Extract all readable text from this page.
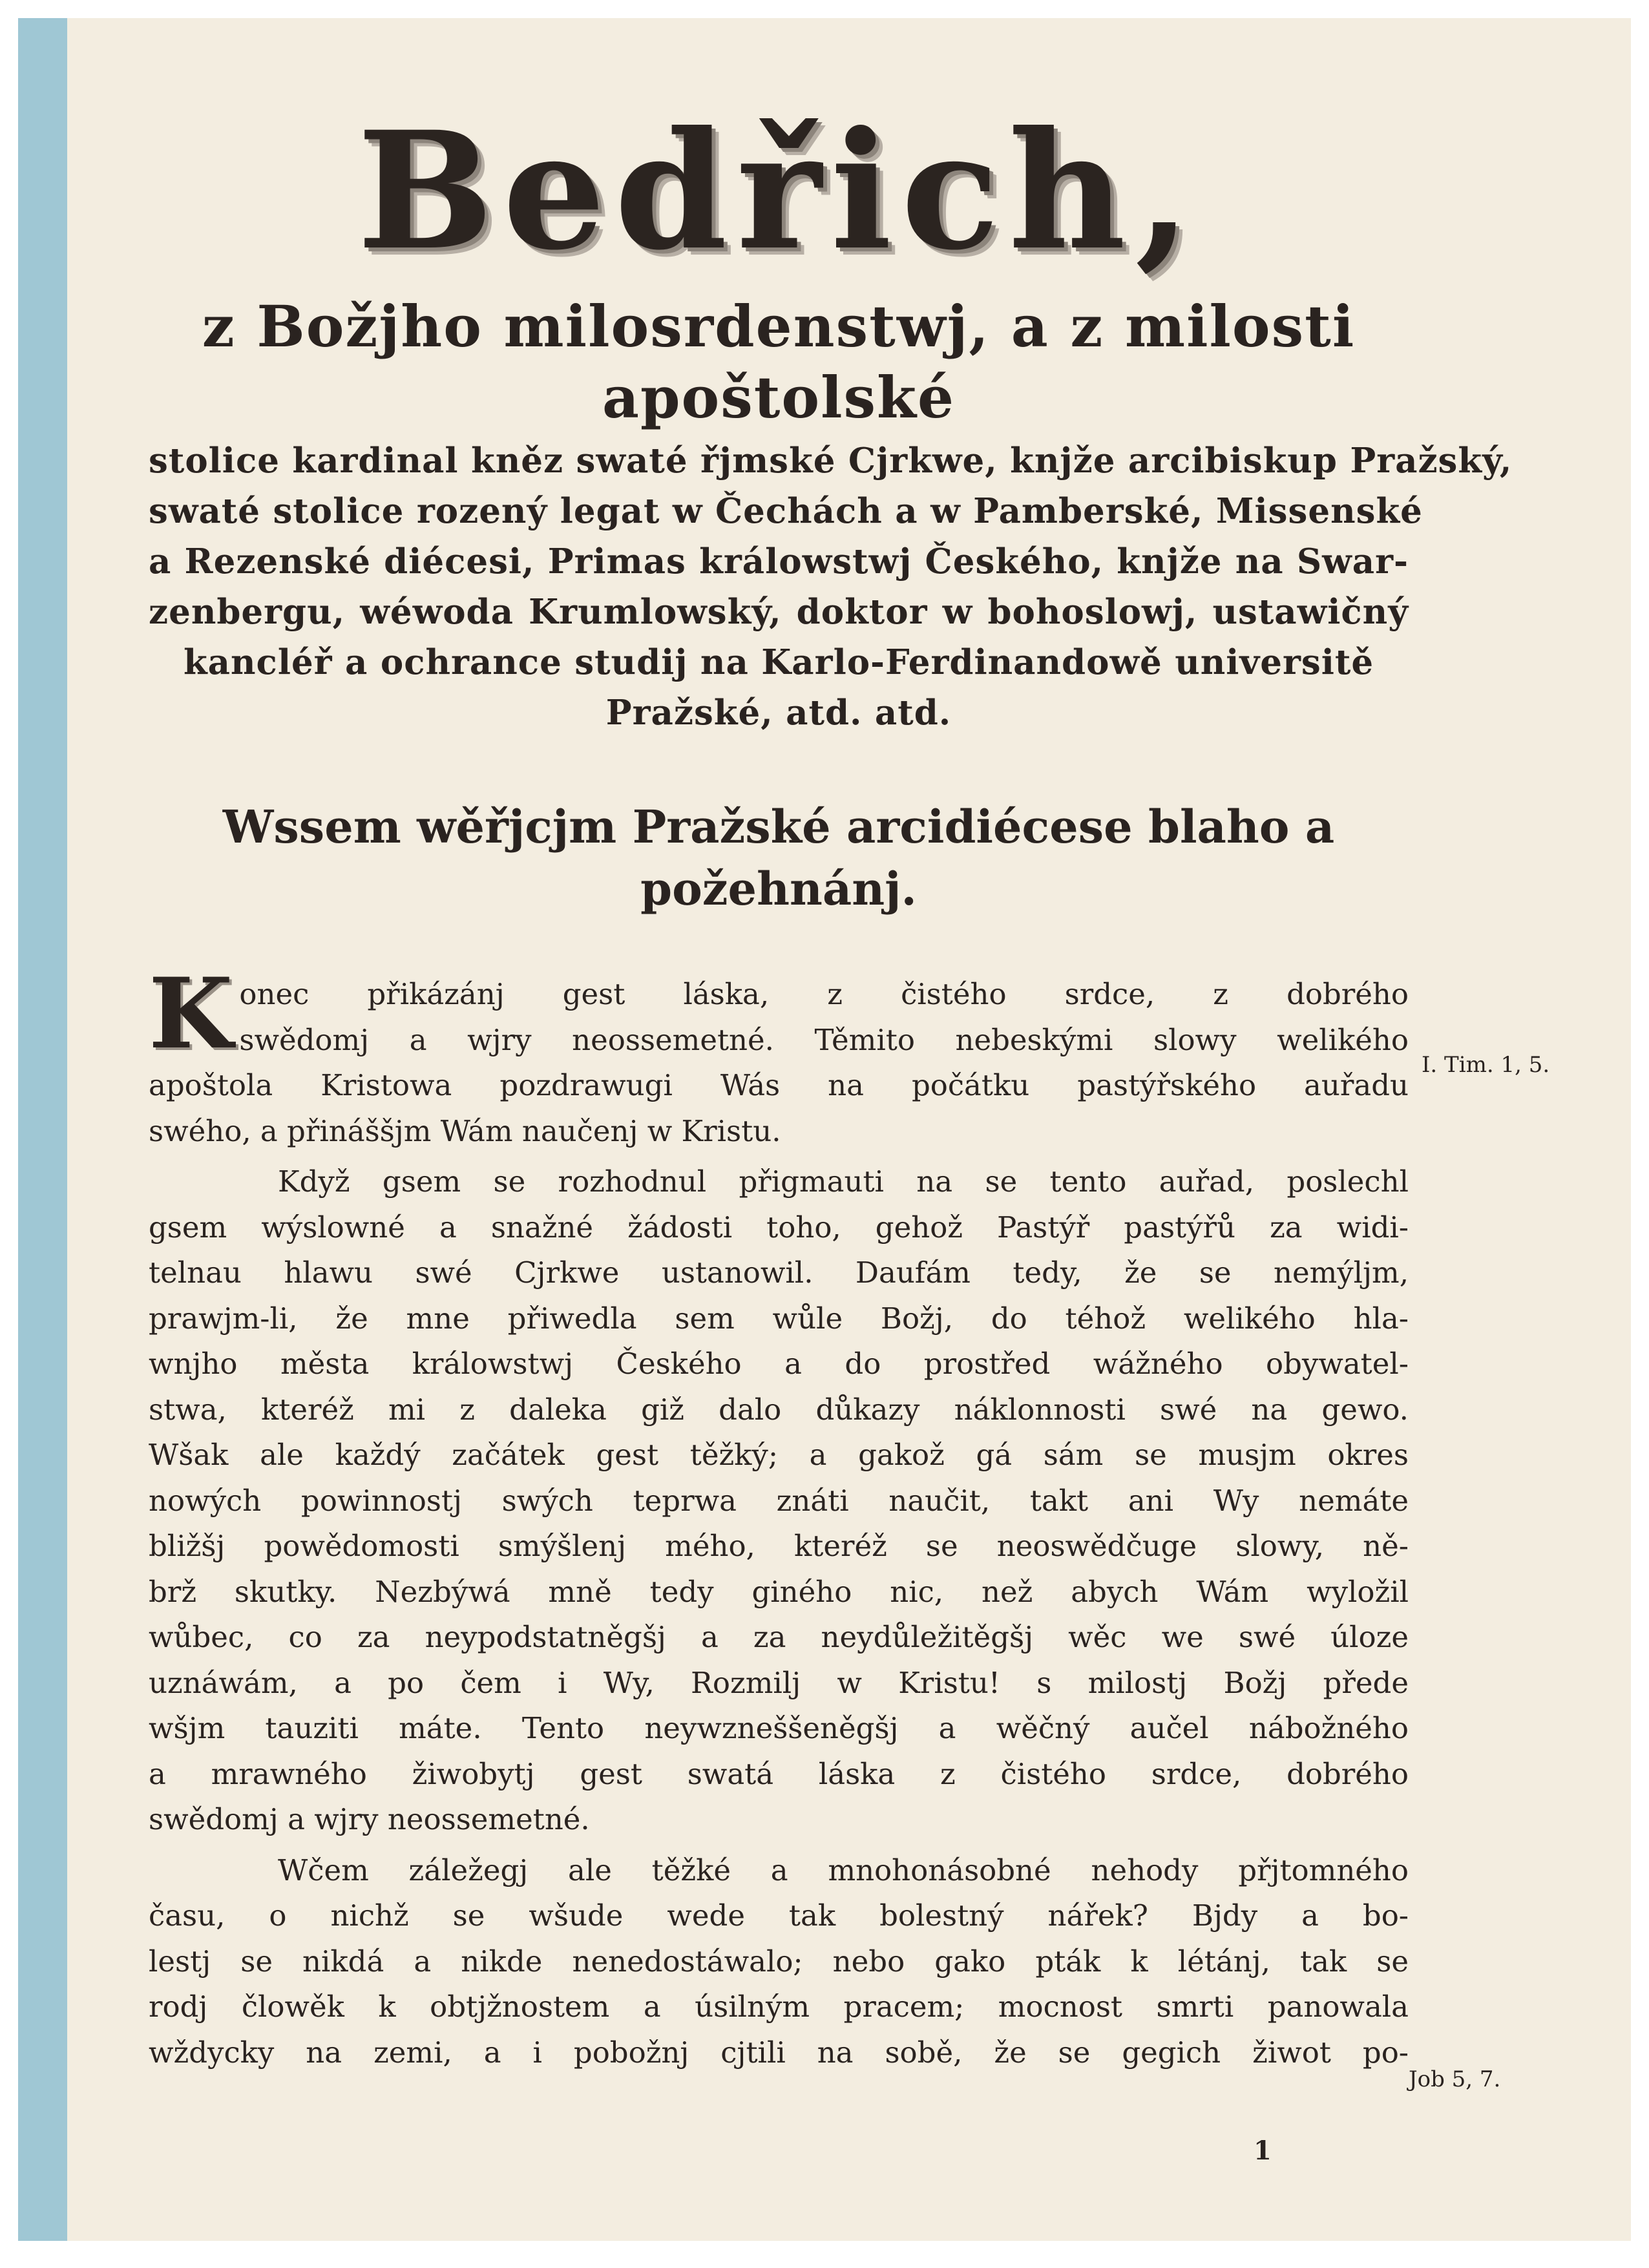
Bedřich,

z Božjho milosrdenstwj, a z milosti apoštolské

stolice kardinal kněz swaté řjmské Cjrkwe, knjže arcibiskup Pražský,
swaté stolice rozený legat w Čechách a w Pamberské, Missenské
a Rezenské diécesi, Primas králowstwj Českého, knjže na Swar-
zenbergu, wéwoda Krumlowský, doktor w bohoslowj, ustawičný
kancléř a ochrance studij na Karlo-Ferdinandowě universitě
Pražské, atd. atd.

Wssem wěřjcjm Pražské arcidiécese blaho a
požehnánj.
K onec přikázánj gest láska, z čistého srdce, z dobrého
swědomj a wjry neossemetné. Těmito nebeskými slowy welikého
apoštola Kristowa pozdrawugi Wás na počátku pastýřského auřadu
swého, a přináššjm Wám naučenj w Kristu.
Když gsem se rozhodnul přigmauti na se tento auřad, poslechl
gsem wýslowné a snažné žádosti toho, gehož Pastýř pastýřů za widi-
telnau hlawu swé Cjrkwe ustanowil. Daufám tedy, že se nemýljm,
prawjm-li, že mne přiwedla sem wůle Božj, do téhož welikého hla-
wnjho města králowstwj Českého a do prostřed wážného obywatel-
stwa, kteréž mi z daleka giž dalo důkazy náklonnosti swé na gewo.
Wšak ale každý začátek gest těžký; a gakož gá sám se musjm okres
nowých powinnostj swých teprwa znáti naučit, takt ani Wy nemáte
bližšj powědomosti smýšlenj mého, kteréž se neoswědčuge slowy, ně-
brž skutky. Nezbýwá mně tedy giného nic, než abych Wám wyložil
wůbec, co za neypodstatněgšj a za neydůležitěgšj wěc we swé úloze
uznáwám, a po čem i Wy, Rozmilj w Kristu! s milostj Božj přede
wšjm tauziti máte. Tento neywzneššeněgšj a wěčný aučel nábožného
a mrawného žiwobytj gest swatá láska z čistého srdce, dobrého
swědomj a wjry neossemetné.
Wčem záležegj ale těžké a mnohonásobné nehody přjtomného
času, o nichž se wšude wede tak bolestný nářek? Bjdy a bo-
lestj se nikdá a nikde nenedostáwalo; nebo gako pták k létánj, tak se
rodj člowěk k obtjžnostem a úsilným pracem; mocnost smrti panowala
wždycky na zemi, a i pobožnj cjtili na sobě, že se gegich žiwot po-
I. Tim. 1, 5.
Job 5, 7.
1
